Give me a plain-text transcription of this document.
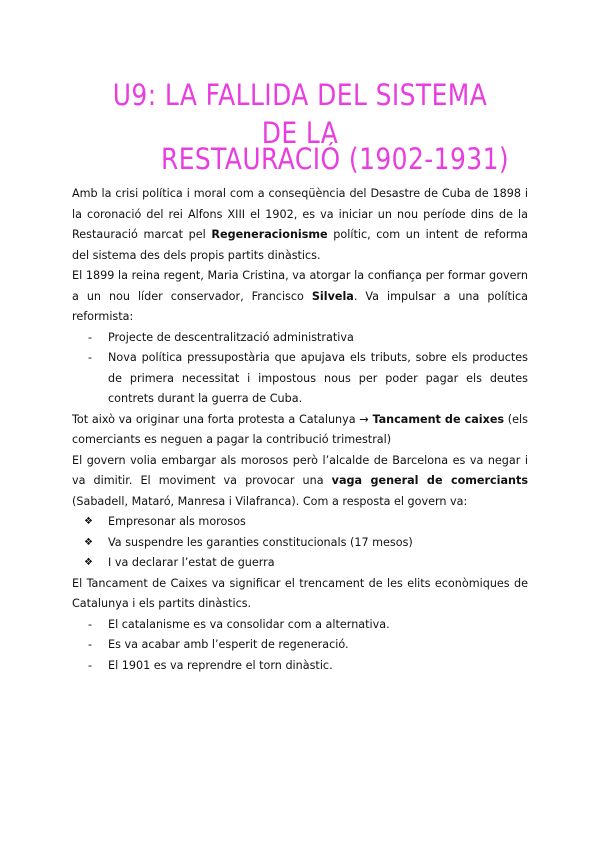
U9: LA FALLIDA DEL SISTEMA DE LA
RESTAURACIÓ (1902-1931)

Amb la crisi política i moral com a conseqüència del Desastre de Cuba de 1898 i la coronació del rei Alfons XIII el 1902, es va iniciar un nou període dins de la Restauració marcat pel Regeneracionisme polític, com un intent de reforma del sistema des dels propis partits dinàstics.

El 1899 la reina regent, Maria Cristina, va atorgar la confiança per formar govern a un nou líder conservador, Francisco Silvela. Va impulsar a una política reformista:

- Projecte de descentralització administrativa
- Nova política pressupostària que apujava els tributs, sobre els productes de primera necessitat i impostous nous per poder pagar els deutes contrets durant la guerra de Cuba.

Tot això va originar una forta protesta a Catalunya → Tancament de caixes (els comerciants es neguen a pagar la contribució trimestral)

El govern volia embargar als morosos però l’alcalde de Barcelona es va negar i va dimitir. El moviment va provocar una vaga general de comerciants (Sabadell, Mataró, Manresa i Vilafranca). Com a resposta el govern va:

❖ Empresonar als morosos
❖ Va suspendre les garanties constitucionals (17 mesos)
❖ I va declarar l’estat de guerra

El Tancament de Caixes va significar el trencament de les elits econòmiques de Catalunya i els partits dinàstics.

- El catalanisme es va consolidar com a alternativa.
- Es va acabar amb l’esperit de regeneració.
- El 1901 es va reprendre el torn dinàstic.
